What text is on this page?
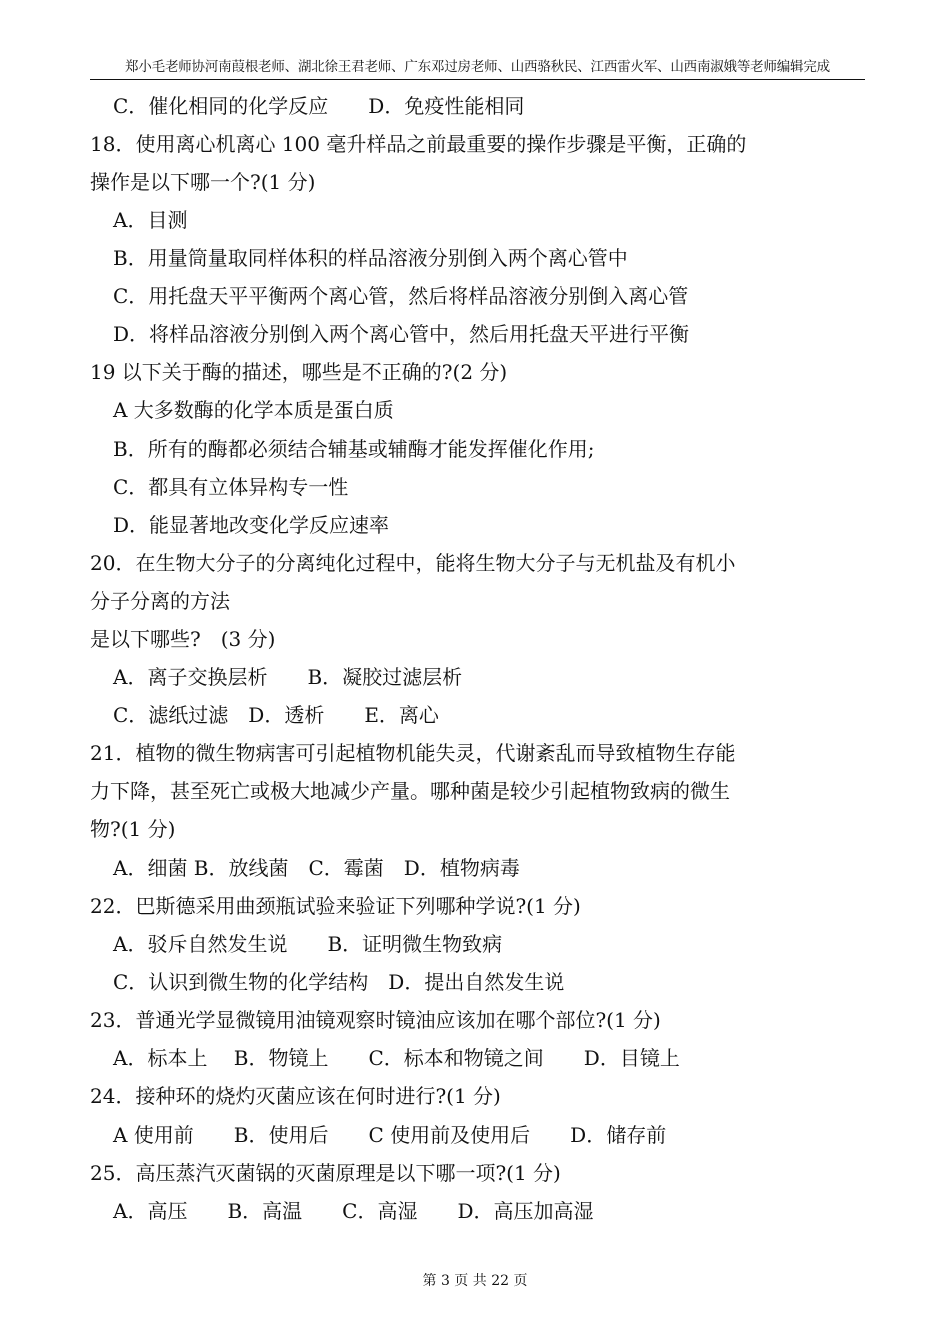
郑小毛老师协河南葭根老师、湖北徐王君老师、广东邓过房老师、山西骆秋民、江西雷火军、山西南淑娥等老师编辑完成
C．催化相同的化学反应　　D．免疫性能相同
18．使用离心机离心 100 毫升样品之前最重要的操作步骤是平衡，正确的
操作是以下哪一个?(1 分)
A．目测
B．用量筒量取同样体积的样品溶液分别倒入两个离心管中
C．用托盘天平平衡两个离心管，然后将样品溶液分别倒入离心管
D．将样品溶液分别倒入两个离心管中，然后用托盘天平进行平衡
19 以下关于酶的描述，哪些是不正确的?(2 分)
A 大多数酶的化学本质是蛋白质
B．所有的酶都必须结合辅基或辅酶才能发挥催化作用;
C．都具有立体异构专一性
D．能显著地改变化学反应速率
20．在生物大分子的分离纯化过程中，能将生物大分子与无机盐及有机小
分子分离的方法
是以下哪些?　(3 分)
A．离子交换层析　　B．凝胶过滤层析
C．滤纸过滤　D．透析　　E．离心
21．植物的微生物病害可引起植物机能失灵，代谢紊乱而导致植物生存能
力下降，甚至死亡或极大地减少产量。哪种菌是较少引起植物致病的微生
物?(1 分)
A．细菌 B．放线菌　C．霉菌　D．植物病毒
22．巴斯德采用曲颈瓶试验来验证下列哪种学说?(1 分)
A．驳斥自然发生说　　B．证明微生物致病
C．认识到微生物的化学结构　D．提出自然发生说
23．普通光学显微镜用油镜观察时镜油应该加在哪个部位?(1 分)
A．标本上　 B．物镜上　　C．标本和物镜之间　　D．目镜上
24．接种环的烧灼灭菌应该在何时进行?(1 分)
A 使用前　　B．使用后　　C 使用前及使用后　　D．储存前
25．高压蒸汽灭菌锅的灭菌原理是以下哪一项?(1 分)
A．高压　　B．高温　　C．高湿　　D．高压加高湿
第 3 页 共 22 页
